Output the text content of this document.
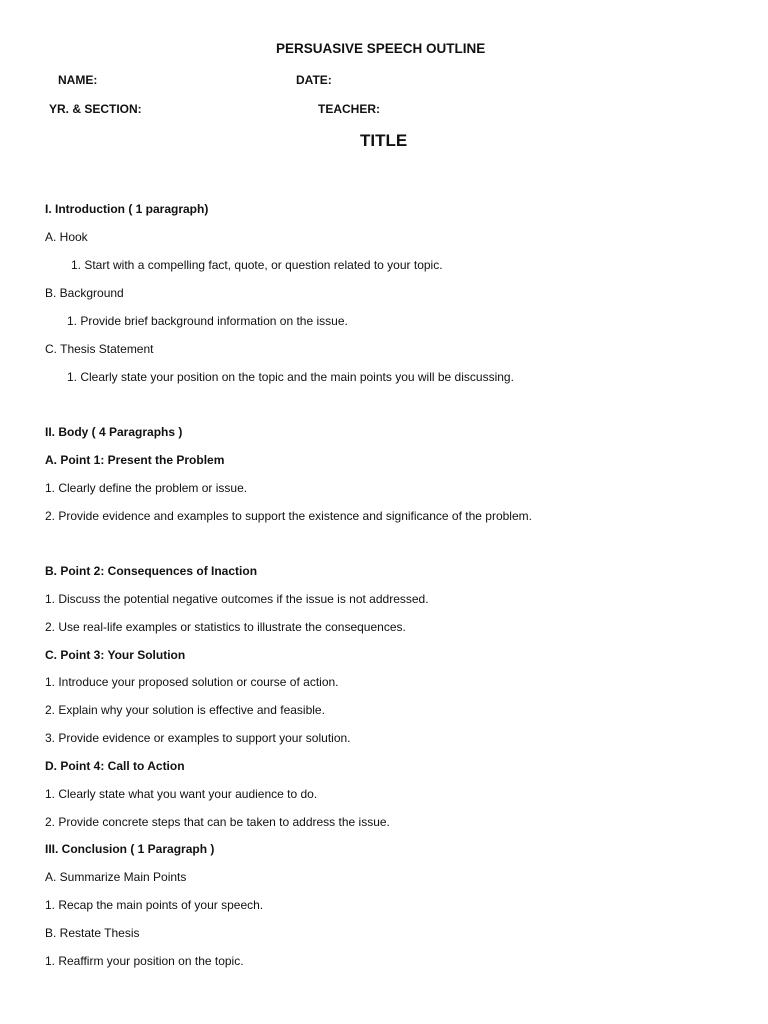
PERSUASIVE SPEECH OUTLINE
NAME:	DATE:
YR. & SECTION:	TEACHER:
TITLE
I. Introduction ( 1 paragraph)
A. Hook
1. Start with a compelling fact, quote, or question related to your topic.
B. Background
1. Provide brief background information on the issue.
C. Thesis Statement
1. Clearly state your position on the topic and the main points you will be discussing.
II. Body ( 4 Paragraphs )
A. Point 1: Present the Problem
1. Clearly define the problem or issue.
2. Provide evidence and examples to support the existence and significance of the problem.
B. Point 2: Consequences of Inaction
1. Discuss the potential negative outcomes if the issue is not addressed.
2. Use real-life examples or statistics to illustrate the consequences.
C. Point 3: Your Solution
1. Introduce your proposed solution or course of action.
2. Explain why your solution is effective and feasible.
3. Provide evidence or examples to support your solution.
D. Point 4: Call to Action
1. Clearly state what you want your audience to do.
2. Provide concrete steps that can be taken to address the issue.
III. Conclusion ( 1 Paragraph )
A. Summarize Main Points
1. Recap the main points of your speech.
B. Restate Thesis
1. Reaffirm your position on the topic.
